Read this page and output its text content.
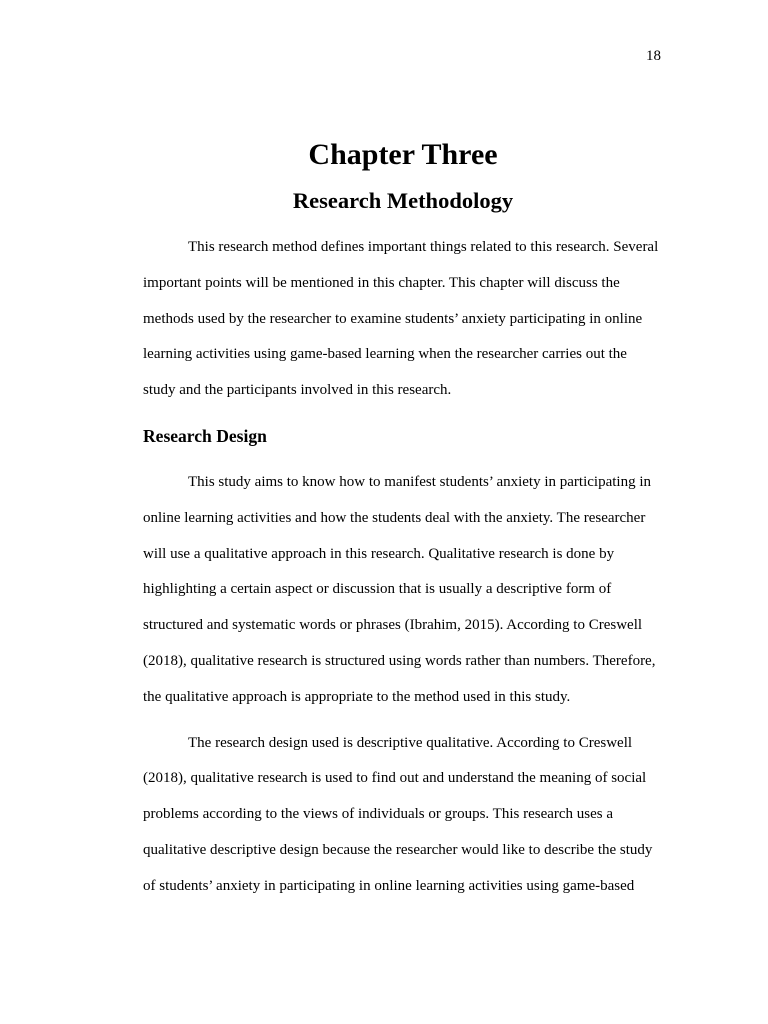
18
Chapter Three
Research Methodology

This research method defines important things related to this research. Several
important points will be mentioned in this chapter. This chapter will discuss the
methods used by the researcher to examine students’ anxiety participating in online
learning activities using game-based learning when the researcher carries out the
study and the participants involved in this research.

Research Design

This study aims to know how to manifest students’ anxiety in participating in
online learning activities and how the students deal with the anxiety. The researcher
will use a qualitative approach in this research. Qualitative research is done by
highlighting a certain aspect or discussion that is usually a descriptive form of
structured and systematic words or phrases (Ibrahim, 2015). According to Creswell
(2018), qualitative research is structured using words rather than numbers. Therefore,
the qualitative approach is appropriate to the method used in this study.

The research design used is descriptive qualitative. According to Creswell
(2018), qualitative research is used to find out and understand the meaning of social
problems according to the views of individuals or groups. This research uses a
qualitative descriptive design because the researcher would like to describe the study
of students’ anxiety in participating in online learning activities using game-based
